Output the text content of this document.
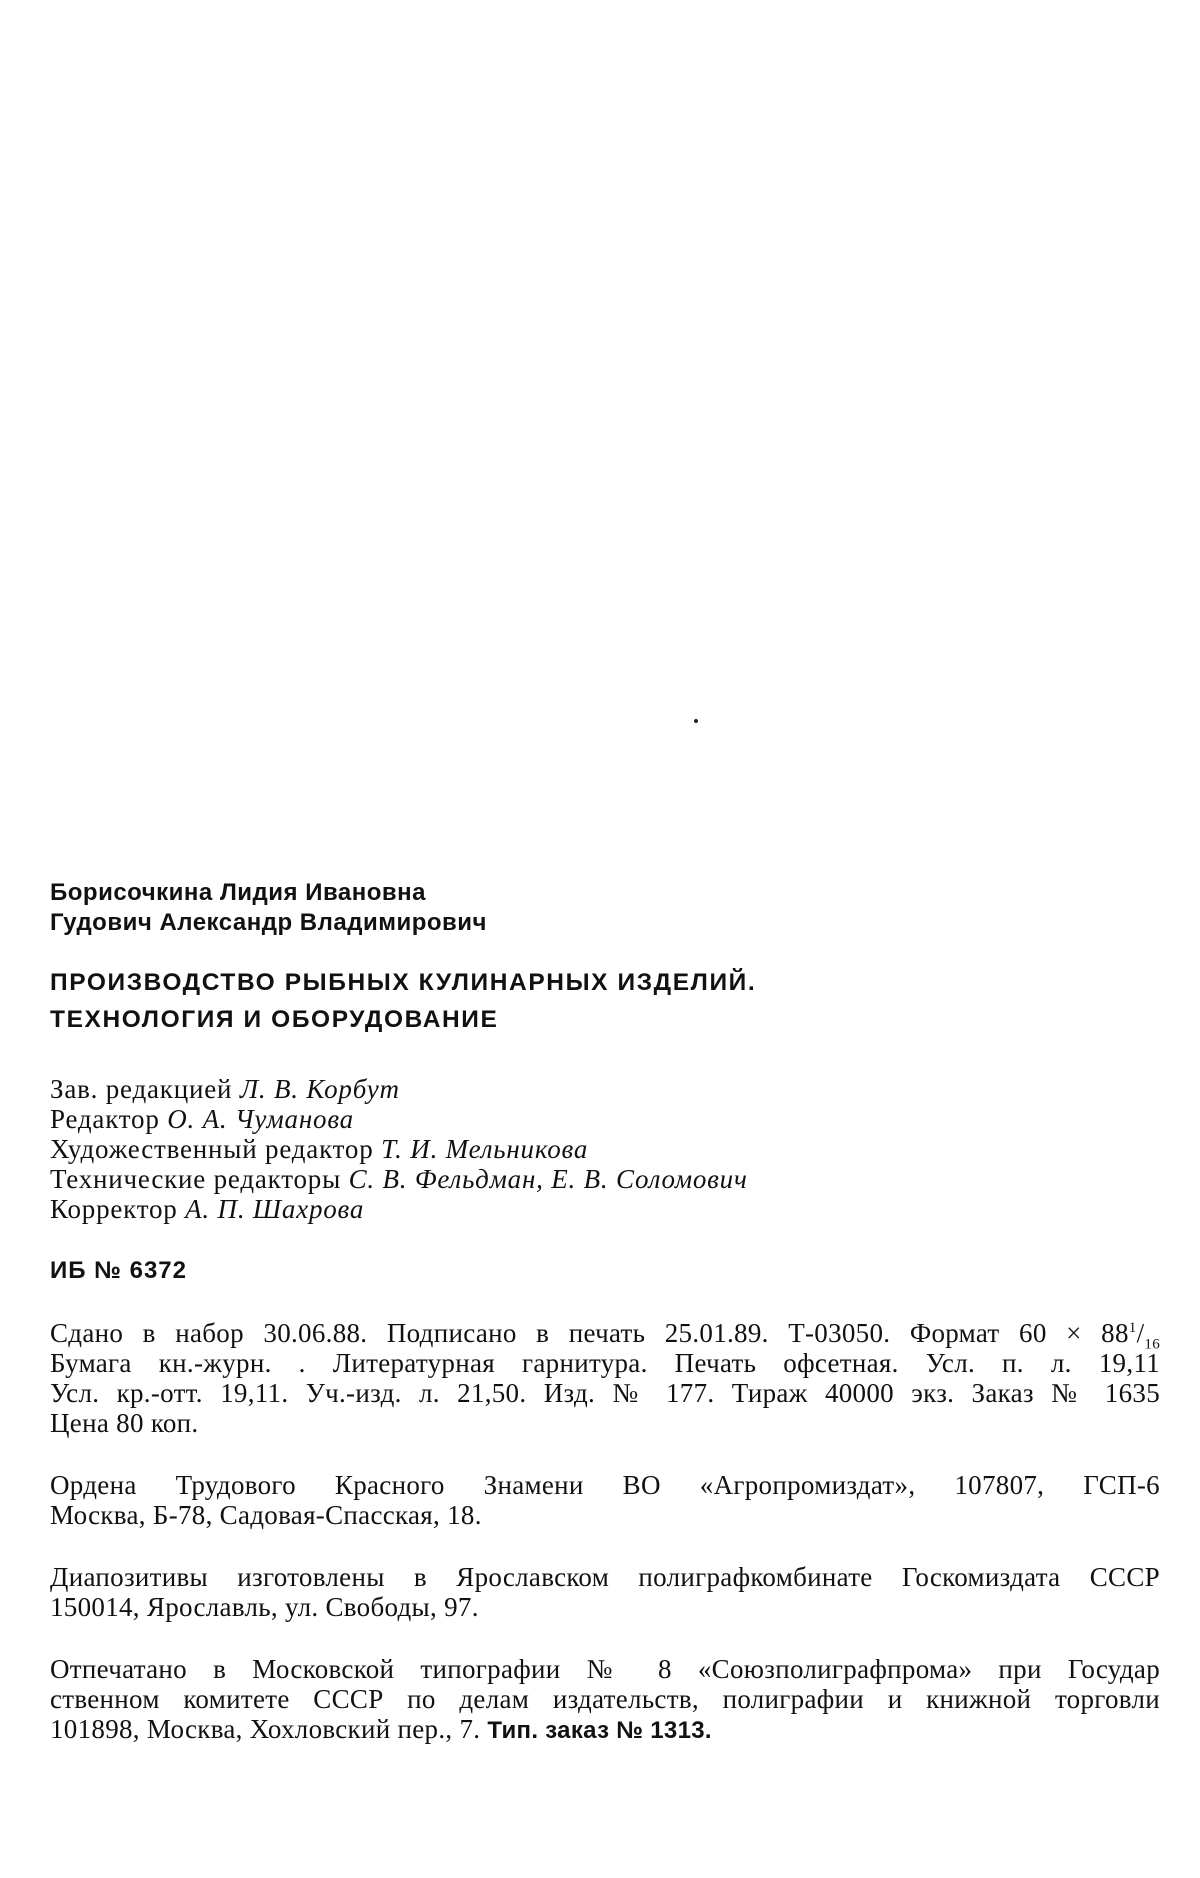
Борисочкина Лидия Ивановна
Гудович Александр Владимирович
ПРОИЗВОДСТВО РЫБНЫХ КУЛИНАРНЫХ ИЗДЕЛИЙ.
ТЕХНОЛОГИЯ И ОБОРУДОВАНИЕ
Зав. редакцией Л. В. Корбут
Редактор О. А. Чуманова
Художественный редактор Т. И. Мельникова
Технические редакторы С. В. Фельдман, Е. В. Соломович
Корректор А. П. Шахрова
ИБ № 6372
Сдано в набор 30.06.88. Подписано в печать 25.01.89. Т-03050. Формат $60 \times 88^1/_{16}$
Бумага кн.-журн. . Литературная гарнитура. Печать офсетная. Усл. п. л. 19,11
Усл. кр.-отт. 19,11. Уч.-изд. л. 21,50. Изд. № 177. Тираж 40000 экз. Заказ № 1635
Цена 80 коп.
Ордена Трудового Красного Знамени ВО «Агропромиздат», 107807, ГСП-6
Москва, Б-78, Садовая-Спасская, 18.
Диапозитивы изготовлены в Ярославском полиграфкомбинате Госкомиздата СССР
150014, Ярославль, ул. Свободы, 97.
Отпечатано в Московской типографии № 8 «Союзполиграфпрома» при Государ
ственном комитете СССР по делам издательств, полиграфии и книжной торговли
101898, Москва, Хохловский пер., 7. Тип. заказ № 1313.
